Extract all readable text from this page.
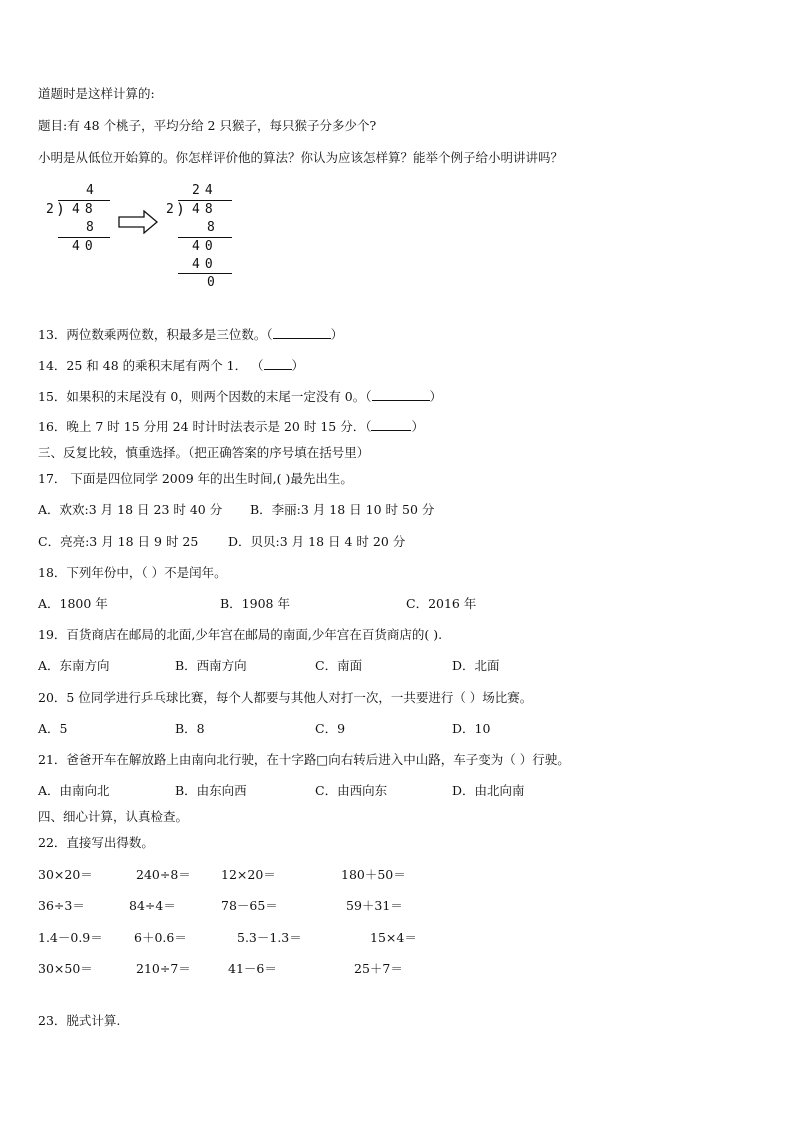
道题时是这样计算的:
题目:有 48 个桃子，平均分给 2 只猴子，每只猴子分多少个?
小明是从低位开始算的。你怎样评价他的算法？你认为应该怎样算？能举个例子给小明讲讲吗？
4
2 ) 48
8
40
24
2 ) 48
8
40
40
0
13．两位数乘两位数，积最多是三位数。（	）
14．25 和 48 的乘积末尾有两个 1． （ ）
15．如果积的末尾没有 0，则两个因数的末尾一定没有 0。（	）
16．晚上 7 时 15 分用 24 时计时法表示是 20 时 15 分．（	）
三、反复比较，慎重选择。（把正确答案的序号填在括号里）
17． 下面是四位同学 2009 年的出生时间,( )最先出生。
A．欢欢:3 月 18 日 23 时 40 分 B．李丽:3 月 18 日 10 时 50 分
C．亮亮:3 月 18 日 9 时 25 D．贝贝:3 月 18 日 4 时 20 分
18．下列年份中，（ ）不是闰年。
A．1800 年	B．1908 年	C．2016 年
19．百货商店在邮局的北面,少年宫在邮局的南面,少年宫在百货商店的( ).
A．东南方向	B．西南方向	C．南面	D．北面
20．5 位同学进行乒乓球比赛，每个人都要与其他人对打一次，一共要进行（ ）场比赛。
A．5	B．8	C．9	D．10
21．爸爸开车在解放路上由南向北行驶，在十字路□向右转后进入中山路，车子变为（ ）行驶。
A．由南向北	B．由东向西	C．由西向东	D．由北向南
四、细心计算，认真检查。
22．直接写出得数。
30×20＝	240÷8＝ 12×20＝	180＋50＝
36÷3＝	84÷4＝	78－65＝	59＋31＝
1.4－0.9＝ 6＋0.6＝	5.3－1.3＝	15×4＝
30×50＝	210÷7＝	41－6＝	25＋7＝
23．脱式计算.
